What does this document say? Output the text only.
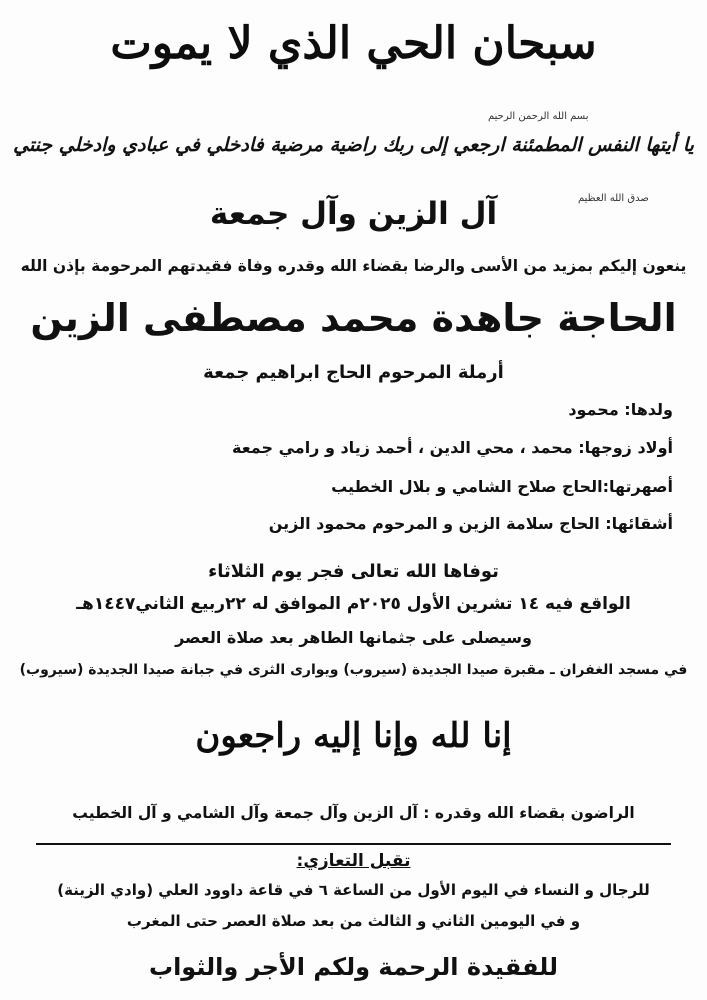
سبحان الحي الذي لا يموت
بسم الله الرحمن الرحيم
يا أيتها النفس المطمئنة ارجعي إلى ربك راضية مرضية فادخلي في عبادي وادخلي جنتي
صدق الله العظيم
آل الزين وآل جمعة
ينعون إليكم بمزيد من الأسى والرضا بقضاء الله وقدره وفاة فقيدتهم المرحومة بإذن الله
الحاجة جاهدة محمد مصطفى الزين
أرملة المرحوم الحاج ابراهيم جمعة
ولدها: محمود
أولاد زوجها: محمد ، محي الدين ، أحمد زياد و رامي جمعة
أصهرتها:الحاج صلاح الشامي و بلال الخطيب
أشقائها: الحاج سلامة الزين و المرحوم محمود الزين
توفاها الله تعالى فجر يوم الثلاثاء
الواقع فيه ١٤ تشرين الأول ٢٠٢٥م الموافق له ٢٢ربيع الثاني١٤٤٧هـ
وسيصلى على جثمانها الطاهر بعد صلاة العصر
في مسجد الغفران ـ مقبرة صيدا الجديدة (سيروب) ويوارى الثرى في جبانة صيدا الجديدة (سيروب)
إنا لله وإنا إليه راجعون
الراضون بقضاء الله وقدره : آل الزين وآل جمعة وآل الشامي و آل الخطيب
تقبل التعازي:
للرجال و النساء في اليوم الأول من الساعة ٦ في قاعة داوود العلي (وادي الزينة)
و في اليومين الثاني و الثالث من بعد صلاة العصر حتى المغرب
للفقيدة الرحمة ولكم الأجر والثواب
